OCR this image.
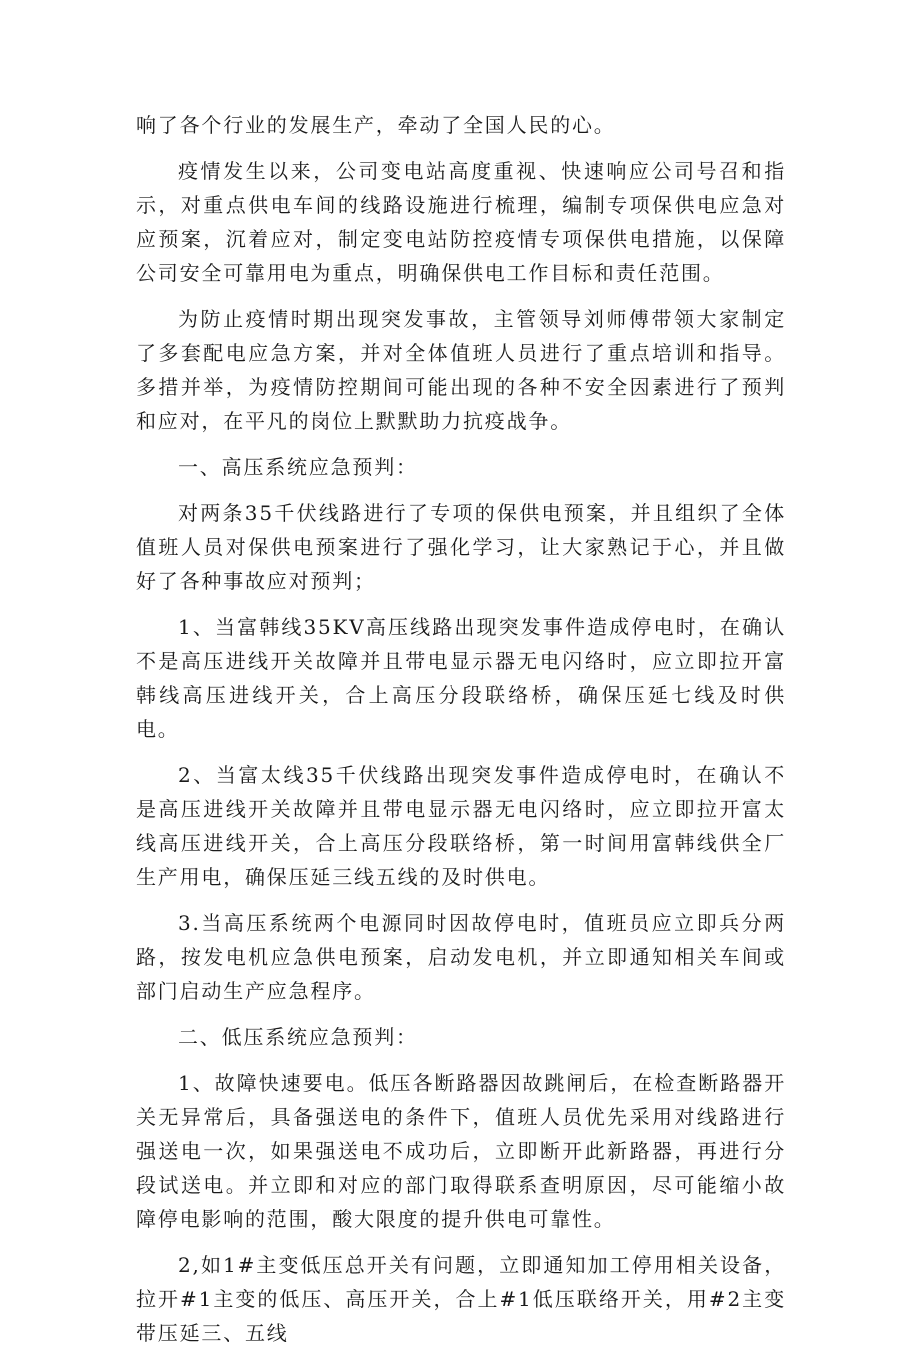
响了各个行业的发展生产，牵动了全国人民的心。

疫情发生以来，公司变电站高度重视、快速响应公司号召和指示，对重点供电车间的线路设施进行梳理，编制专项保供电应急对应预案，沉着应对，制定变电站防控疫情专项保供电措施，以保障公司安全可靠用电为重点，明确保供电工作目标和责任范围。

为防止疫情时期出现突发事故，主管领导刘师傅带领大家制定了多套配电应急方案，并对全体值班人员进行了重点培训和指导。多措并举，为疫情防控期间可能出现的各种不安全因素进行了预判和应对，在平凡的岗位上默默助力抗疫战争。

一、高压系统应急预判：

对两条35千伏线路进行了专项的保供电预案，并且组织了全体值班人员对保供电预案进行了强化学习，让大家熟记于心，并且做好了各种事故应对预判；

1、当富韩线35KV高压线路出现突发事件造成停电时，在确认不是高压进线开关故障并且带电显示器无电闪络时，应立即拉开富韩线高压进线开关，合上高压分段联络桥，确保压延七线及时供电。

2、当富太线35千伏线路出现突发事件造成停电时，在确认不是高压进线开关故障并且带电显示器无电闪络时，应立即拉开富太线高压进线开关，合上高压分段联络桥，第一时间用富韩线供全厂生产用电，确保压延三线五线的及时供电。

3.当高压系统两个电源同时因故停电时，值班员应立即兵分两路，按发电机应急供电预案，启动发电机，并立即通知相关车间或部门启动生产应急程序。

二、低压系统应急预判：

1、故障快速要电。低压各断路器因故跳闸后，在检查断路器开关无异常后，具备强送电的条件下，值班人员优先采用对线路进行强送电一次，如果强送电不成功后，立即断开此新路器，再进行分段试送电。并立即和对应的部门取得联系查明原因，尽可能缩小故障停电影响的范围，酸大限度的提升供电可靠性。

2,如1#主变低压总开关有问题，立即通知加工停用相关设备，拉开#1主变的低压、高压开关，合上#1低压联络开关，用#2主变带压延三、五线
